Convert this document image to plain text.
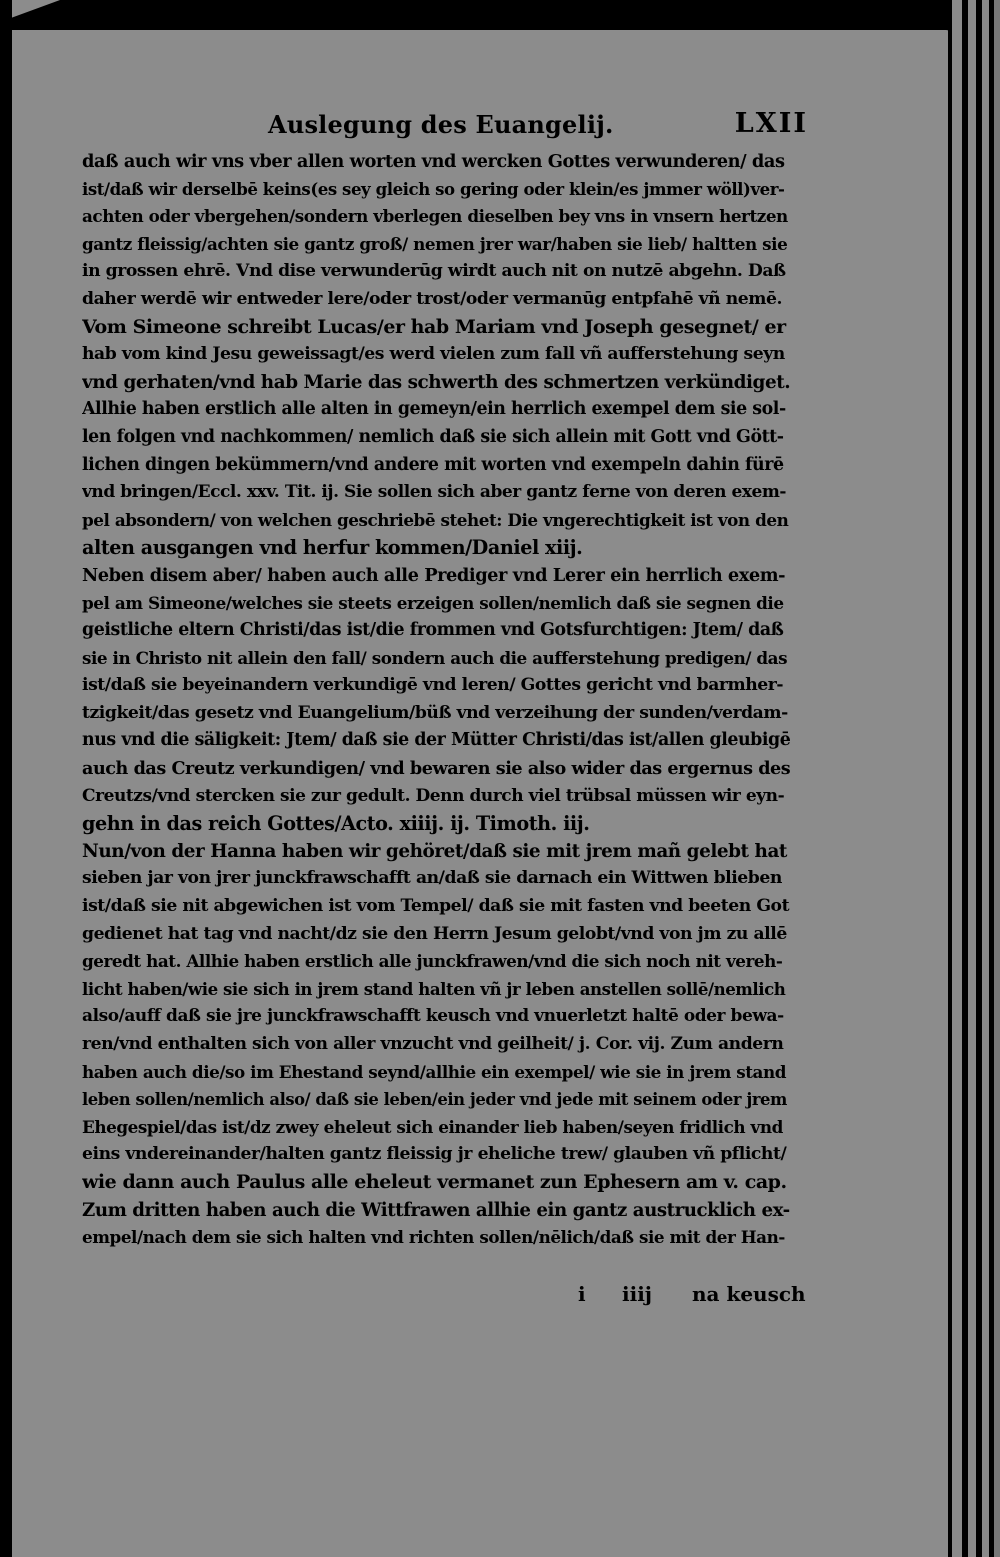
Auslegung des Euangelij.	LXII
daß auch wir vns vber allen worten vnd wercken Gottes verwunderen/ das
ist/daß wir derselbē keins(es sey gleich so gering oder klein/es jmmer wöll)ver-
achten oder vbergehen/sondern vberlegen dieselben bey vns in vnsern hertzen
gantz fleissig/achten sie gantz groß/ nemen jrer war/haben sie lieb/ haltten sie
in grossen ehrē. Vnd dise verwunderūg wirdt auch nit on nutzē abgehn. Daß
daher werdē wir entweder lere/oder trost/oder vermanūg entpfahē vñ nemē.
Vom Simeone schreibt Lucas/er hab Mariam vnd Joseph gesegnet/ er
hab vom kind Jesu geweissagt/es werd vielen zum fall vñ aufferstehung seyn
vnd gerhaten/vnd hab Marie das schwerth des schmertzen verkündiget.
Allhie haben erstlich alle alten in gemeyn/ein herrlich exempel dem sie sol-
len folgen vnd nachkommen/ nemlich daß sie sich allein mit Gott vnd Gött-
lichen dingen bekümmern/vnd andere mit worten vnd exempeln dahin fürē
vnd bringen/Eccl. xxv. Tit. ij. Sie sollen sich aber gantz ferne von deren exem-
pel absondern/ von welchen geschriebē stehet: Die vngerechtigkeit ist von den
alten ausgangen vnd herfur kommen/Daniel xiij.
Neben disem aber/ haben auch alle Prediger vnd Lerer ein herrlich exem-
pel am Simeone/welches sie steets erzeigen sollen/nemlich daß sie segnen die
geistliche eltern Christi/das ist/die frommen vnd Gotsfurchtigen: Jtem/ daß
sie in Christo nit allein den fall/ sondern auch die aufferstehung predigen/ das
ist/daß sie beyeinandern verkundigē vnd leren/ Gottes gericht vnd barmher-
tzigkeit/das gesetz vnd Euangelium/büß vnd verzeihung der sunden/verdam-
nus vnd die säligkeit: Jtem/ daß sie der Mütter Christi/das ist/allen gleubigē
auch das Creutz verkundigen/ vnd bewaren sie also wider das ergernus des
Creutzs/vnd stercken sie zur gedult. Denn durch viel trübsal müssen wir eyn-
gehn in das reich Gottes/Acto. xiiij. ij. Timoth. iij.
Nun/von der Hanna haben wir gehöret/daß sie mit jrem mañ gelebt hat
sieben jar von jrer junckfrawschafft an/daß sie darnach ein Wittwen blieben
ist/daß sie nit abgewichen ist vom Tempel/ daß sie mit fasten vnd beeten Got
gedienet hat tag vnd nacht/dz sie den Herrn Jesum gelobt/vnd von jm zu allē
geredt hat. Allhie haben erstlich alle junckfrawen/vnd die sich noch nit vereh-
licht haben/wie sie sich in jrem stand halten vñ jr leben anstellen sollē/nemlich
also/auff daß sie jre junckfrawschafft keusch vnd vnuerletzt haltē oder bewa-
ren/vnd enthalten sich von aller vnzucht vnd geilheit/ j. Cor. vij. Zum andern
haben auch die/so im Ehestand seynd/allhie ein exempel/ wie sie in jrem stand
leben sollen/nemlich also/ daß sie leben/ein jeder vnd jede mit seinem oder jrem
Ehegespiel/das ist/dz zwey eheleut sich einander lieb haben/seyen fridlich vnd
eins vndereinander/halten gantz fleissig jr eheliche trew/ glauben vñ pflicht/
wie dann auch Paulus alle eheleut vermanet zun Ephesern am v. cap.
Zum dritten haben auch die Wittfrawen allhie ein gantz austrucklich ex-
empel/nach dem sie sich halten vnd richten sollen/nēlich/daß sie mit der Han-
i iiij na keusch
